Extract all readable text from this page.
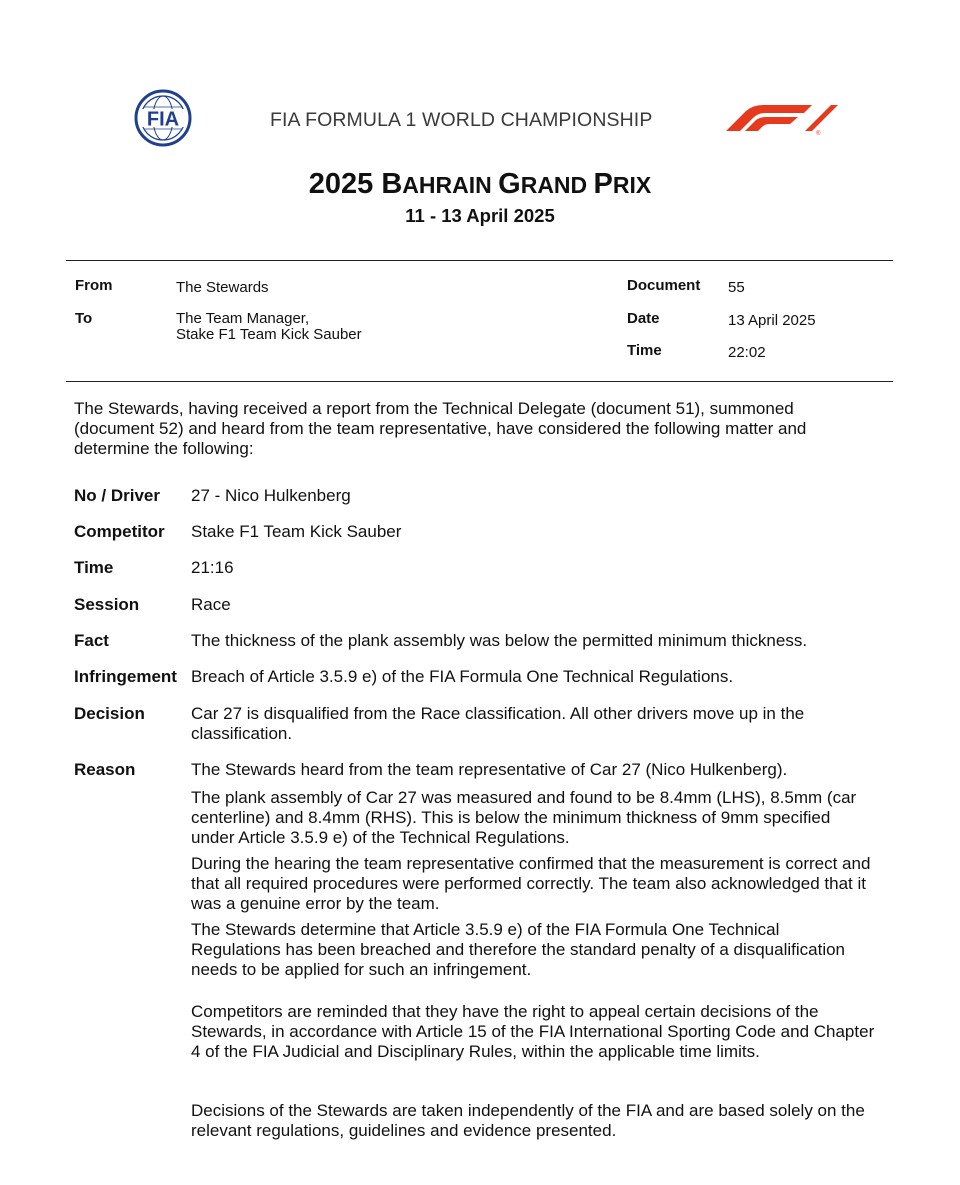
FIA	FIA FORMULA 1 WORLD CHAMPIONSHIP
®
2025 BAHRAIN GRAND PRIX
11 - 13 April 2025
From	The Stewards
To	The Team Manager,
Stake F1 Team Kick Sauber
Document 55
Date	13 April 2025
Time	22:02
The Stewards, having received a report from the Technical Delegate (document 51), summoned (document 52) and heard from the team representative, have considered the following matter and determine the following:
No / Driver 27 - Nico Hulkenberg
Competitor Stake F1 Team Kick Sauber
Time	21:16
Session	Race
Fact	The thickness of the plank assembly was below the permitted minimum thickness.
Infringement Breach of Article 3.5.9 e) of the FIA Formula One Technical Regulations.
Decision	Car 27 is disqualified from the Race classification. All other drivers move up in the classification.
Reason	The Stewards heard from the team representative of Car 27 (Nico Hulkenberg).

The plank assembly of Car 27 was measured and found to be 8.4mm (LHS), 8.5mm (car centerline) and 8.4mm (RHS). This is below the minimum thickness of 9mm specified under Article 3.5.9 e) of the Technical Regulations.

During the hearing the team representative confirmed that the measurement is correct and that all required procedures were performed correctly. The team also acknowledged that it was a genuine error by the team.

The Stewards determine that Article 3.5.9 e) of the FIA Formula One Technical Regulations has been breached and therefore the standard penalty of a disqualification needs to be applied for such an infringement.

Competitors are reminded that they have the right to appeal certain decisions of the Stewards, in accordance with Article 15 of the FIA International Sporting Code and Chapter 4 of the FIA Judicial and Disciplinary Rules, within the applicable time limits.
Decisions of the Stewards are taken independently of the FIA and are based solely on the relevant regulations, guidelines and evidence presented.
